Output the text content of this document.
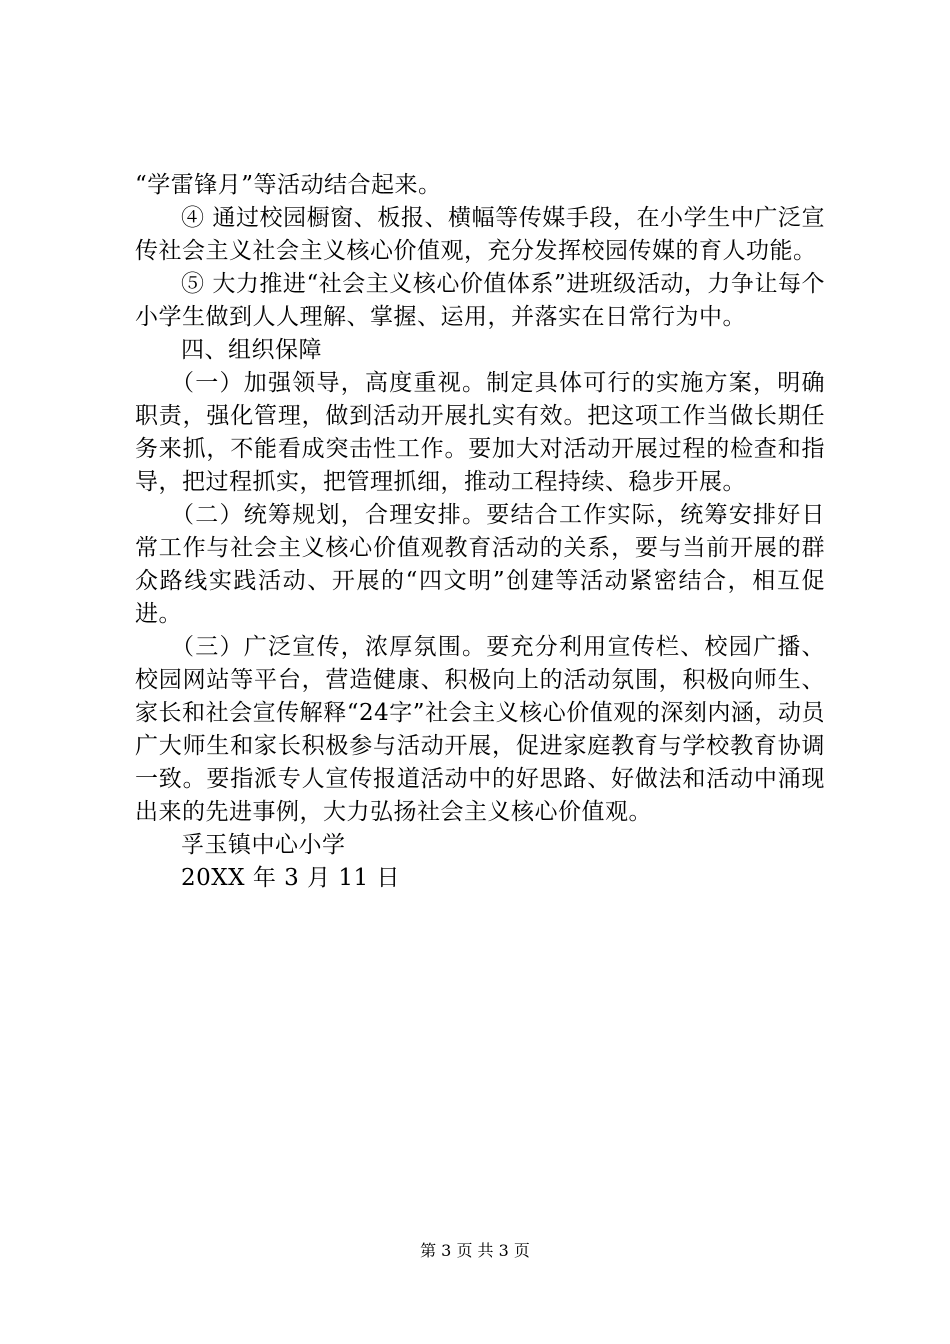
“学雷锋月”等活动结合起来。

④ 通过校园橱窗、板报、横幅等传媒手段，在小学生中广泛宣传社会主义社会主义核心价值观，充分发挥校园传媒的育人功能。

⑤ 大力推进“社会主义核心价值体系”进班级活动，力争让每个小学生做到人人理解、掌握、运用，并落实在日常行为中。

四、组织保障

（一）加强领导，高度重视。制定具体可行的实施方案，明确职责，强化管理，做到活动开展扎实有效。把这项工作当做长期任务来抓，不能看成突击性工作。要加大对活动开展过程的检查和指导，把过程抓实，把管理抓细，推动工程持续、稳步开展。

（二）统筹规划，合理安排。要结合工作实际，统筹安排好日常工作与社会主义核心价值观教育活动的关系，要与当前开展的群众路线实践活动、开展的“四文明”创建等活动紧密结合，相互促进。

（三）广泛宣传，浓厚氛围。要充分利用宣传栏、校园广播、校园网站等平台，营造健康、积极向上的活动氛围，积极向师生、家长和社会宣传解释“24字”社会主义核心价值观的深刻内涵，动员广大师生和家长积极参与活动开展，促进家庭教育与学校教育协调一致。要指派专人宣传报道活动中的好思路、好做法和活动中涌现出来的先进事例，大力弘扬社会主义核心价值观。

孚玉镇中心小学

20XX 年 3 月 11 日

第 3 页 共 3 页
